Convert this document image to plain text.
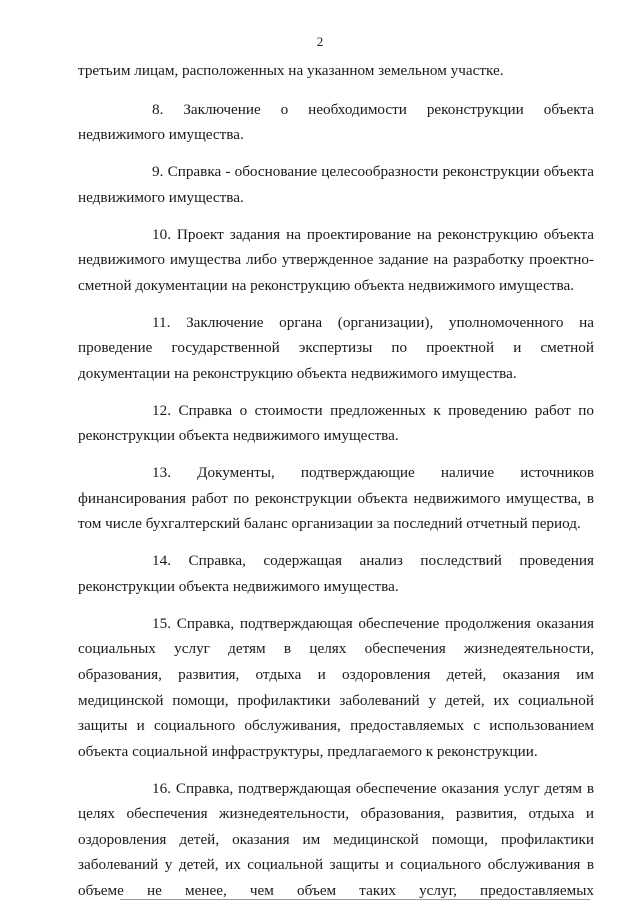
2

третьим лицам, расположенных на указанном земельном участке.

8. Заключение о необходимости реконструкции объекта недвижимого имущества.

9. Справка - обоснование целесообразности реконструкции объекта недвижимого имущества.

10. Проект задания на проектирование на реконструкцию объекта недвижимого имущества либо утвержденное задание на разработку проектно-сметной документации на реконструкцию объекта недвижимого имущества.

11. Заключение органа (организации), уполномоченного на проведение государственной экспертизы по проектной и сметной документации на реконструкцию объекта недвижимого имущества.

12. Справка о стоимости предложенных к проведению работ по реконструкции объекта недвижимого имущества.

13. Документы, подтверждающие наличие источников финансирования работ по реконструкции объекта недвижимого имущества, в том числе бухгалтерский баланс организации за последний отчетный период.

14. Справка, содержащая анализ последствий проведения реконструкции объекта недвижимого имущества.

15. Справка, подтверждающая обеспечение продолжения оказания социальных услуг детям в целях обеспечения жизнедеятельности, образования, развития, отдыха и оздоровления детей, оказания им медицинской помощи, профилактики заболеваний у детей, их социальной защиты и социального обслуживания, предоставляемых с использованием объекта социальной инфраструктуры, предлагаемого к реконструкции.

16. Справка, подтверждающая обеспечение оказания услуг детям в целях обеспечения жизнедеятельности, образования, развития, отдыха и оздоровления детей, оказания им медицинской помощи, профилактики заболеваний у детей, их социальной защиты и социального обслуживания в объеме не менее, чем объем таких услуг, предоставляемых
